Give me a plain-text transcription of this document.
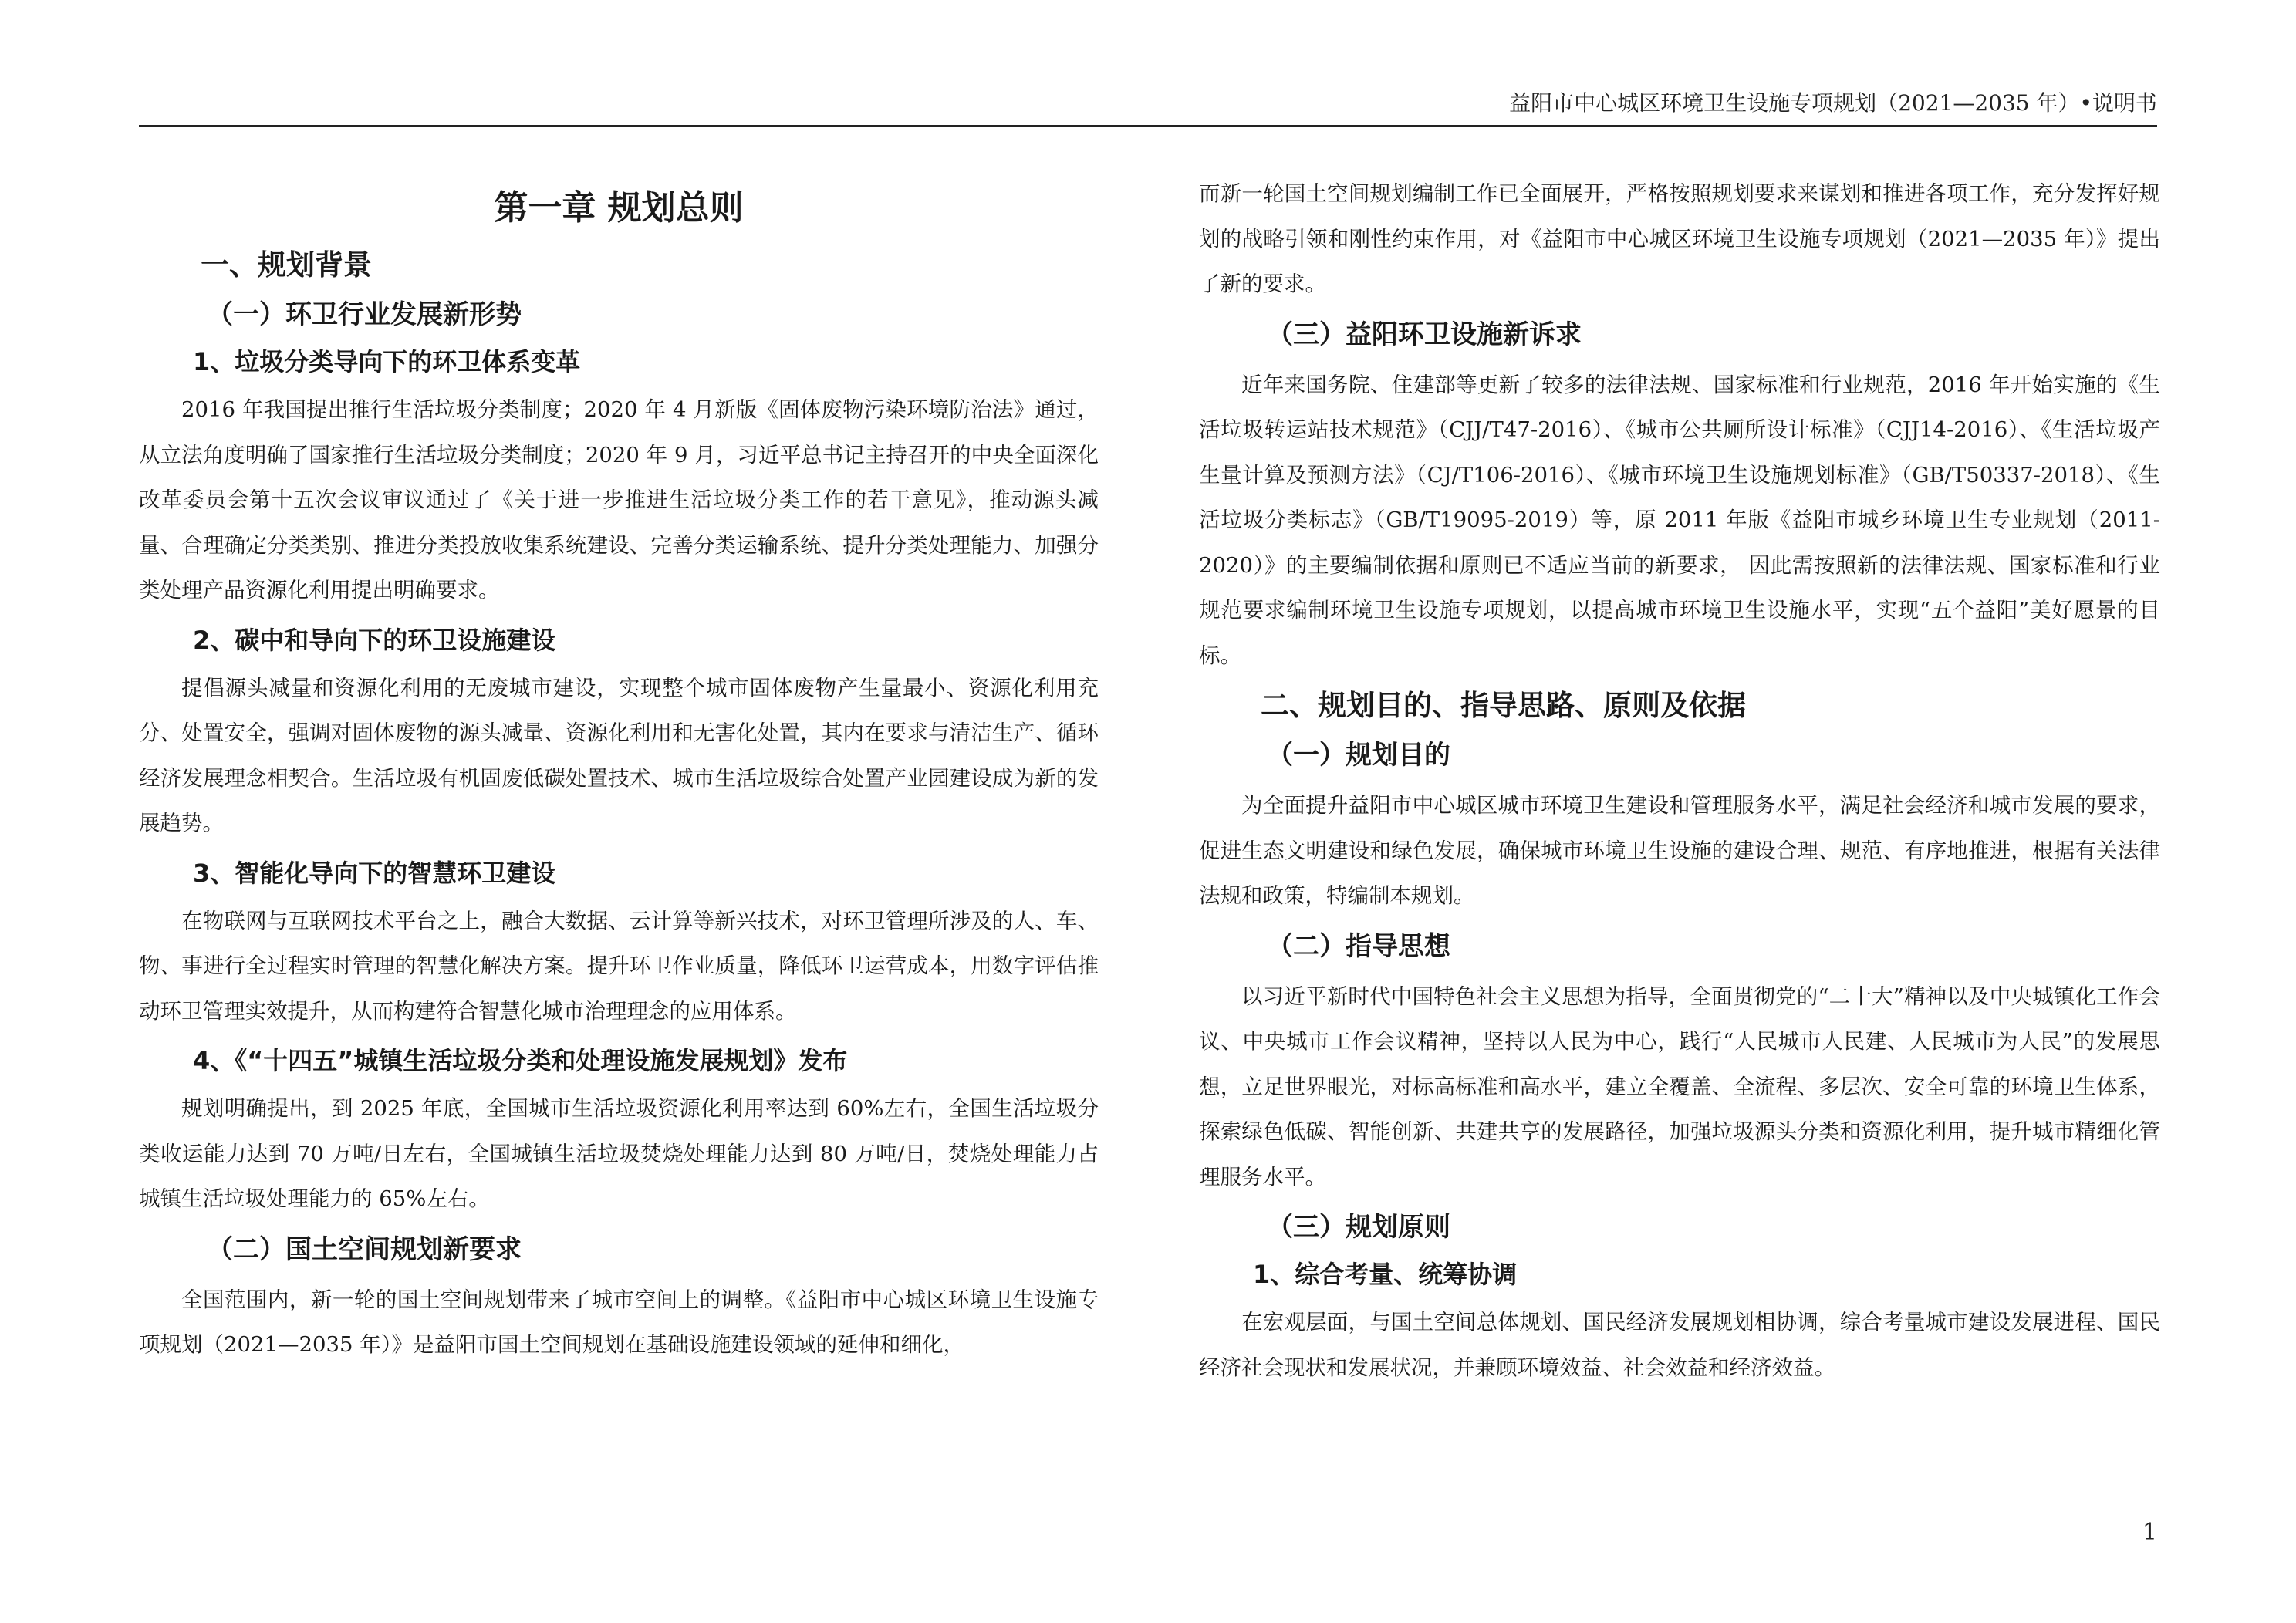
益阳市中心城区环境卫生设施专项规划（2021—2035 年）•说明书
第一章 规划总则
一、规划背景
（一）环卫行业发展新形势
1、垃圾分类导向下的环卫体系变革

2016 年我国提出推行生活垃圾分类制度；2020 年 4 月新版《固体废物污染环境防治法》通过，从立法角度明确了国家推行生活垃圾分类制度；2020 年 9 月，习近平总书记主持召开的中央全面深化改革委员会第十五次会议审议通过了《关于进一步推进生活垃圾分类工作的若干意见》，推动源头减量、合理确定分类类别、推进分类投放收集系统建设、完善分类运输系统、提升分类处理能力、加强分类处理产品资源化利用提出明确要求。

2、碳中和导向下的环卫设施建设

提倡源头减量和资源化利用的无废城市建设，实现整个城市固体废物产生量最小、资源化利用充分、处置安全，强调对固体废物的源头减量、资源化利用和无害化处置，其内在要求与清洁生产、循环经济发展理念相契合。生活垃圾有机固废低碳处置技术、城市生活垃圾综合处置产业园建设成为新的发展趋势。

3、智能化导向下的智慧环卫建设

在物联网与互联网技术平台之上，融合大数据、云计算等新兴技术，对环卫管理所涉及的人、车、物、事进行全过程实时管理的智慧化解决方案。提升环卫作业质量，降低环卫运营成本，用数字评估推动环卫管理实效提升，从而构建符合智慧化城市治理理念的应用体系。

4、《“十四五”城镇生活垃圾分类和处理设施发展规划》发布

规划明确提出，到 2025 年底，全国城市生活垃圾资源化利用率达到 60%左右，全国生活垃圾分类收运能力达到 70 万吨/日左右，全国城镇生活垃圾焚烧处理能力达到 80 万吨/日，焚烧处理能力占城镇生活垃圾处理能力的 65%左右。

（二）国土空间规划新要求

全国范围内，新一轮的国土空间规划带来了城市空间上的调整。《益阳市中心城区环境卫生设施专项规划（2021—2035 年）》是益阳市国土空间规划在基础设施建设领域的延伸和细化，

而新一轮国土空间规划编制工作已全面展开，严格按照规划要求来谋划和推进各项工作，充分发挥好规划的战略引领和刚性约束作用，对《益阳市中心城区环境卫生设施专项规划（2021—2035 年）》提出了新的要求。

（三）益阳环卫设施新诉求

近年来国务院、住建部等更新了较多的法律法规、国家标准和行业规范，2016 年开始实施的《生活垃圾转运站技术规范》（CJJ/T47-2016）、《城市公共厕所设计标准》（CJJ14-2016）、《生活垃圾产生量计算及预测方法》（CJ/T106-2016）、《城市环境卫生设施规划标准》（GB/T50337-2018）、《生活垃圾分类标志》（GB/T19095-2019）等，原 2011 年版《益阳市城乡环境卫生专业规划（2011-2020）》的主要编制依据和原则已不适应当前的新要求， 因此需按照新的法律法规、国家标准和行业规范要求编制环境卫生设施专项规划，以提高城市环境卫生设施水平，实现“五个益阳”美好愿景的目标。

二、规划目的、指导思路、原则及依据
（一）规划目的

为全面提升益阳市中心城区城市环境卫生建设和管理服务水平，满足社会经济和城市发展的要求，促进生态文明建设和绿色发展，确保城市环境卫生设施的建设合理、规范、有序地推进，根据有关法律法规和政策，特编制本规划。

（二）指导思想

以习近平新时代中国特色社会主义思想为指导，全面贯彻党的“二十大”精神以及中央城镇化工作会议、中央城市工作会议精神，坚持以人民为中心，践行“人民城市人民建、人民城市为人民”的发展思想，立足世界眼光，对标高标准和高水平，建立全覆盖、全流程、多层次、安全可靠的环境卫生体系，探索绿色低碳、智能创新、共建共享的发展路径，加强垃圾源头分类和资源化利用，提升城市精细化管理服务水平。

（三）规划原则
1、综合考量、统筹协调

在宏观层面，与国土空间总体规划、国民经济发展规划相协调，综合考量城市建设发展进程、国民经济社会现状和发展状况，并兼顾环境效益、社会效益和经济效益。

1
